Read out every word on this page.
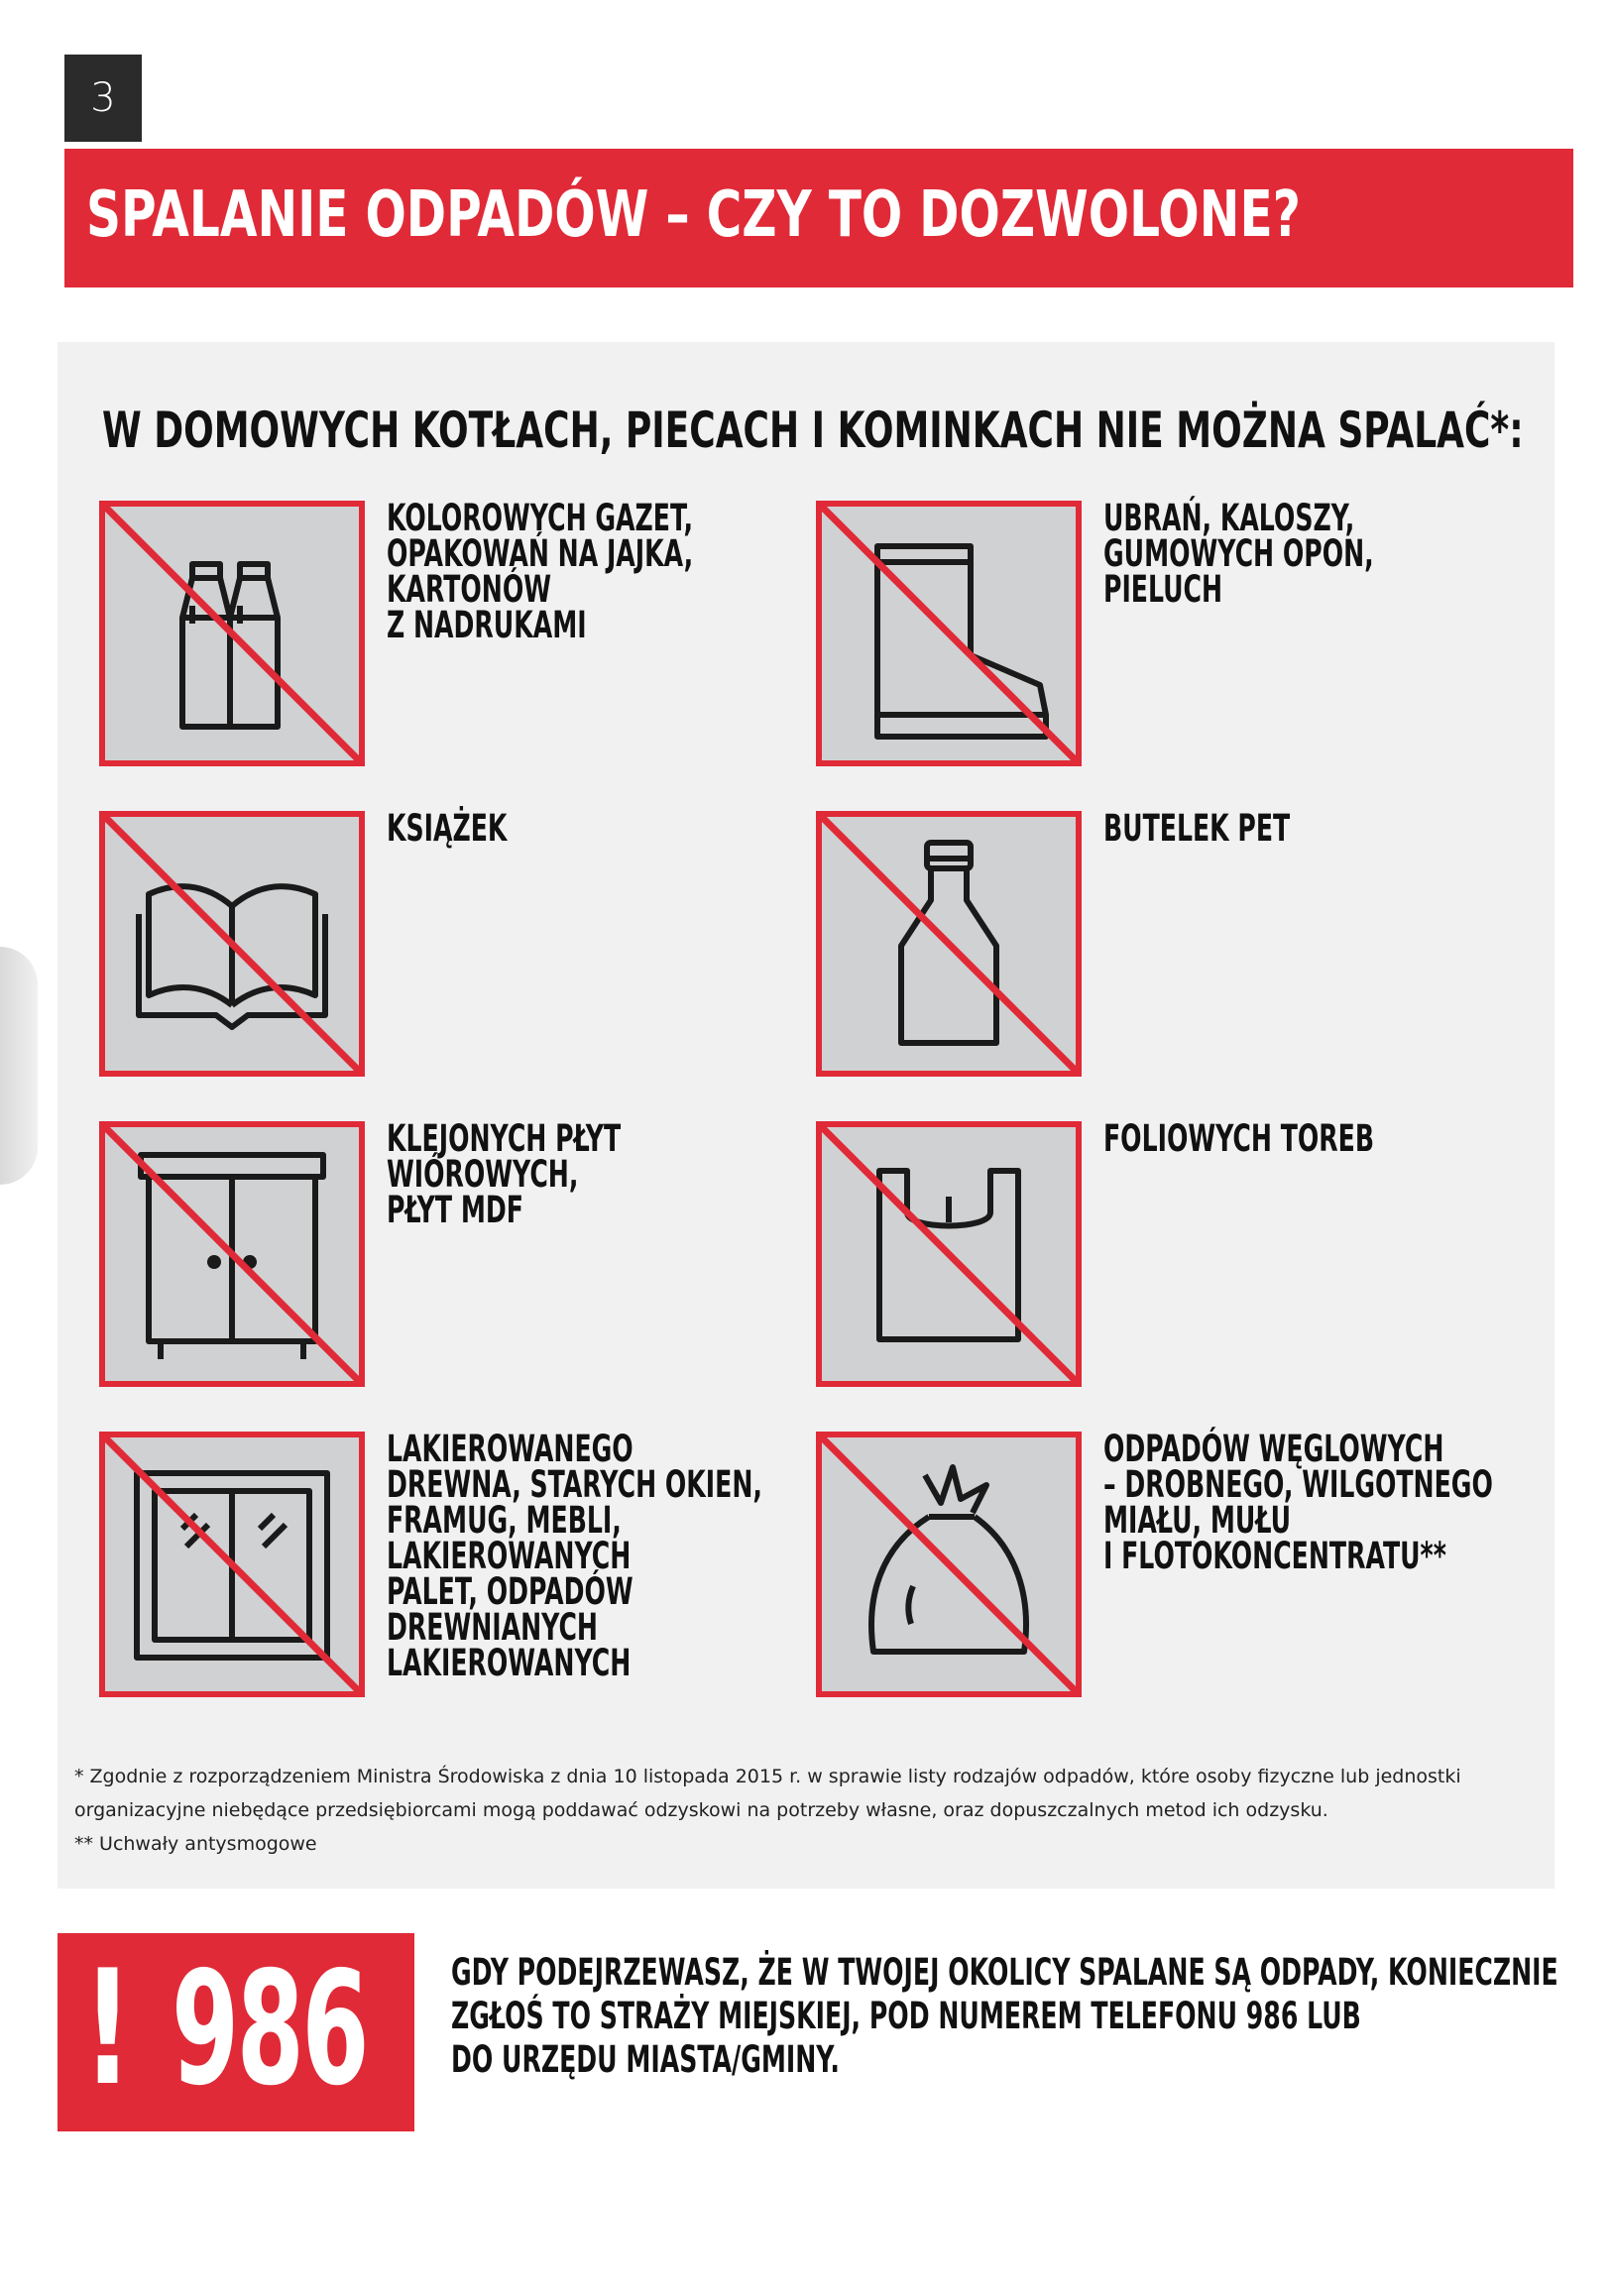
3
SPALANIE ODPADÓW – CZY TO DOZWOLONE?
W DOMOWYCH KOTŁACH, PIECACH I KOMINKACH NIE MOŻNA SPALAĆ*:
KOLOROWYCH GAZET,
OPAKOWAŃ NA JAJKA,
KARTONÓW
Z NADRUKAMI
UBRAŃ, KALOSZY,
GUMOWYCH OPON,
PIELUCH
KSIĄŻEK	BUTELEK PET
KLEJONYCH PŁYT
WIÓROWYCH,
PŁYT MDF
FOLIOWYCH TOREB
LAKIEROWANEGO
DREWNA, STARYCH OKIEN,
FRAMUG, MEBLI,
LAKIEROWANYCH
PALET, ODPADÓW
DREWNIANYCH
LAKIEROWANYCH
ODPADÓW WĘGLOWYCH
– DROBNEGO, WILGOTNEGO
MIAŁU, MUŁU
I FLOTOKONCENTRATU**

* Zgodnie z rozporządzeniem Ministra Środowiska z dnia 10 listopada 2015 r. w sprawie listy rodzajów odpadów, które osoby fizyczne lub jednostki

organizacyjne niebędące przedsiębiorcami mogą poddawać odzyskowi na potrzeby własne, oraz dopuszczalnych metod ich odzysku.

** Uchwały antysmogowe

! 986 GDY PODEJRZEWASZ, ŻE W TWOJEJ OKOLICY SPALANE SĄ ODPADY, KONIECZNIE
ZGŁOŚ TO STRAŻY MIEJSKIEJ, POD NUMEREM TELEFONU 986 LUB
DO URZĘDU MIASTA/GMINY.
